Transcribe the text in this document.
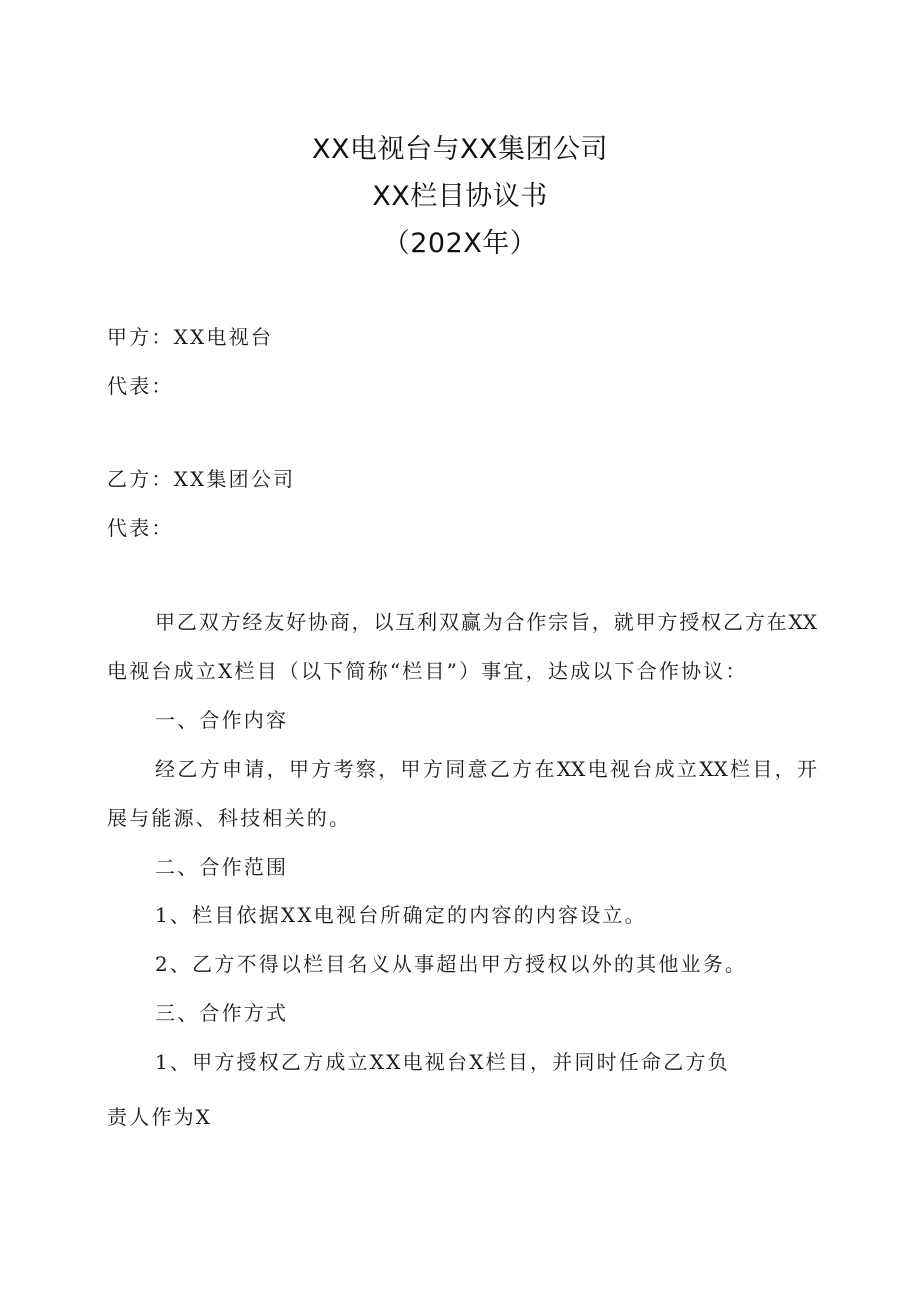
XX电视台与XX集团公司
XX栏目协议书
（202X年）
甲方：XX电视台
代表：
乙方：XX集团公司
代表：
甲乙双方经友好协商，以互利双赢为合作宗旨，就甲方授权乙方在XX
电视台成立X栏目（以下简称“栏目”）事宜，达成以下合作协议：
一、合作内容
经乙方申请，甲方考察，甲方同意乙方在XX电视台成立XX栏目，开
展与能源、科技相关的。
二、合作范围
1、栏目依据XX电视台所确定的内容的内容设立。
2、乙方不得以栏目名义从事超出甲方授权以外的其他业务。
三、合作方式
1、甲方授权乙方成立XX电视台X栏目，并同时任命乙方负
责人作为X
